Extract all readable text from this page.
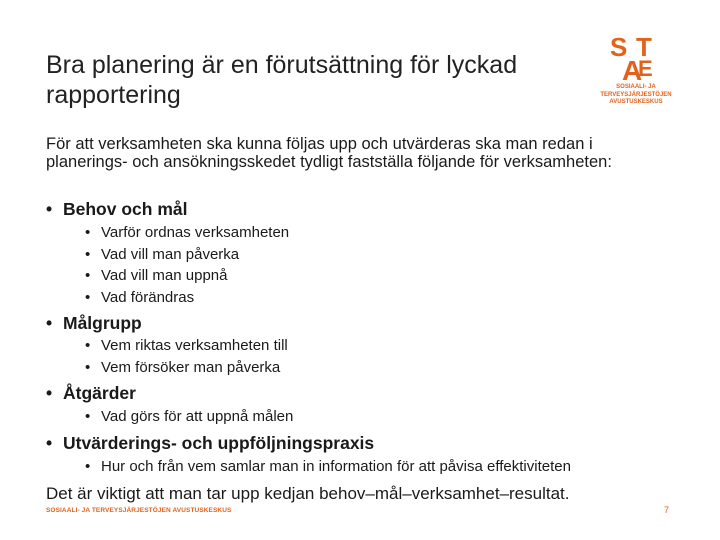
Bra planering är en förutsättning för lyckad rapportering
S T
E
A
SOSIAALI- JA
TERVEYSJÄRJESTÖJEN
AVUSTUSKESKUS

För att verksamheten ska kunna följas upp och utvärderas ska man redan i planerings- och ansökningsskedet tydligt fastställa följande för verksamheten:

• Behov och mål
• Varför ordnas verksamheten
• Vad vill man påverka
• Vad vill man uppnå
• Vad förändras
• Målgrupp
• Vem riktas verksamheten till
• Vem försöker man påverka
• Åtgärder
• Vad görs för att uppnå målen
• Utvärderings- och uppföljningspraxis
• Hur och från vem samlar man in information för att påvisa effektiviteten

Det är viktigt att man tar upp kedjan behov–mål–verksamhet–resultat.

SOSIAALI- JA TERVEYSJÄRJESTÖJEN AVUSTUSKESKUS	7
